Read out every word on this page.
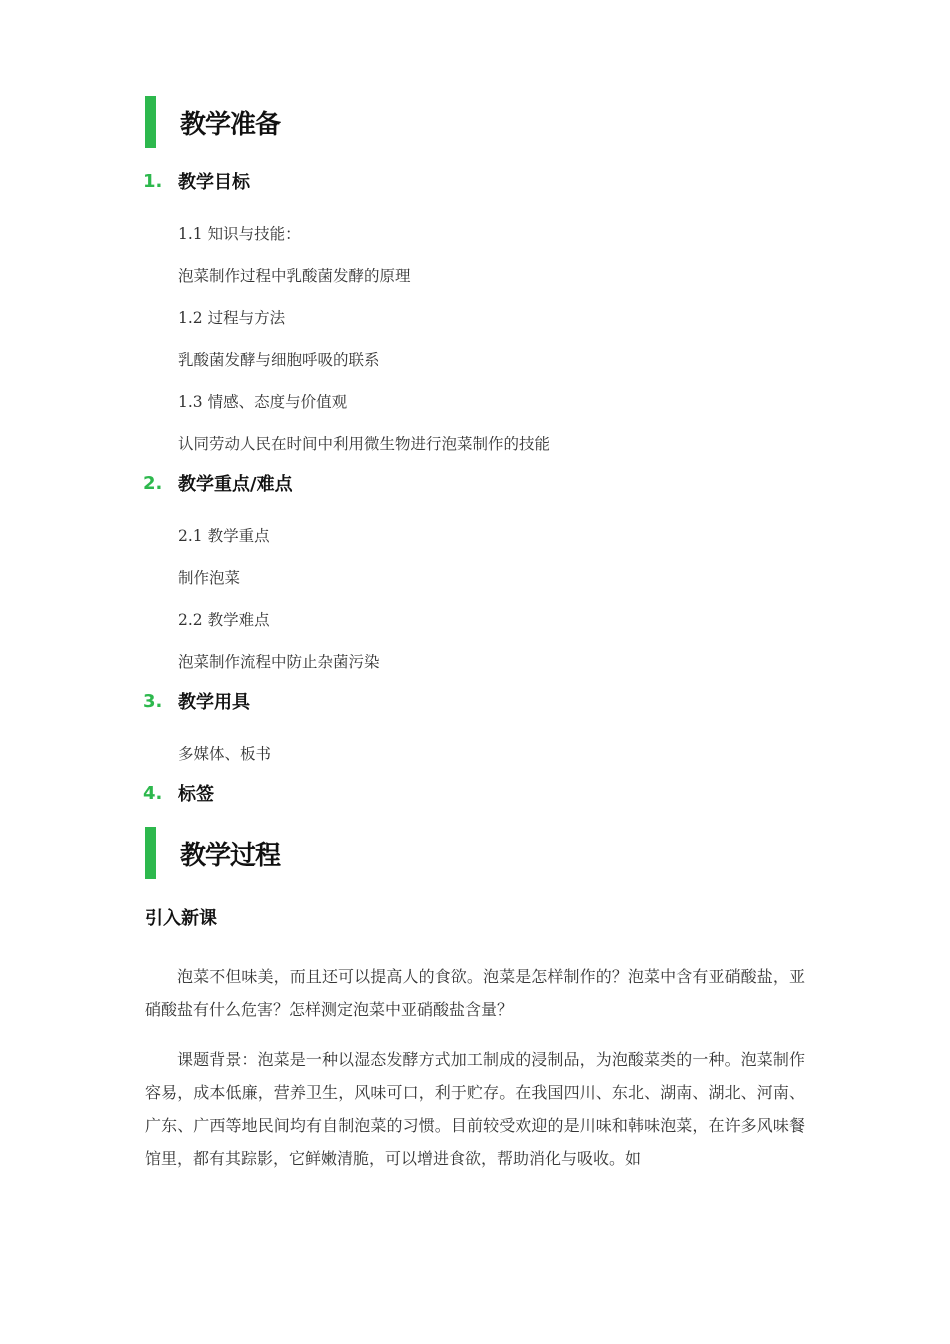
教学准备
1. 教学目标
1.1 知识与技能：
泡菜制作过程中乳酸菌发酵的原理
1.2 过程与方法
乳酸菌发酵与细胞呼吸的联系
1.3 情感、态度与价值观
认同劳动人民在时间中利用微生物进行泡菜制作的技能
2. 教学重点/难点
2.1 教学重点
制作泡菜
2.2 教学难点
泡菜制作流程中防止杂菌污染
3. 教学用具
多媒体、板书
4. 标签
教学过程
引入新课
泡菜不但味美，而且还可以提高人的食欲。泡菜是怎样制作的？泡菜中含有亚硝酸盐，亚硝酸盐有什么危害？怎样测定泡菜中亚硝酸盐含量？
课题背景：泡菜是一种以湿态发酵方式加工制成的浸制品，为泡酸菜类的一种。泡菜制作容易，成本低廉，营养卫生，风味可口，利于贮存。在我国四川、东北、湖南、湖北、河南、广东、广西等地民间均有自制泡菜的习惯。目前较受欢迎的是川味和韩味泡菜，在许多风味餐馆里，都有其踪影，它鲜嫩清脆，可以增进食欲，帮助消化与吸收。如
